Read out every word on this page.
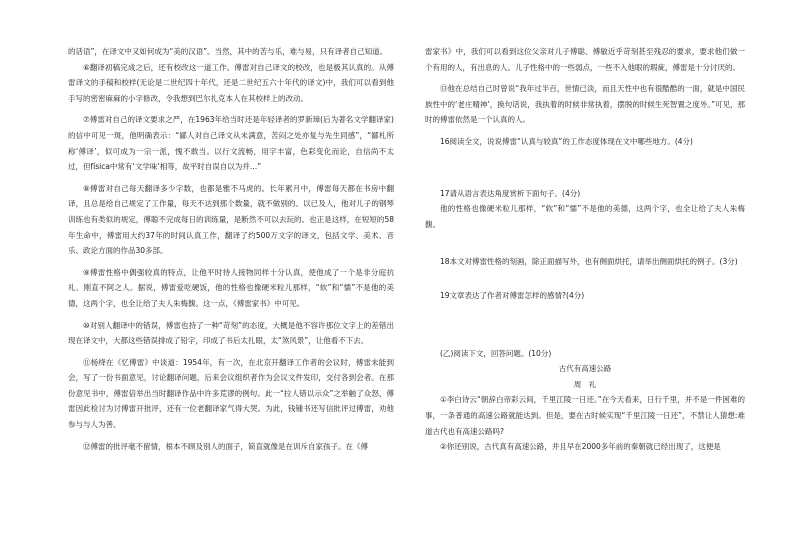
的话语”，在译文中又如何成为“美的汉语”。当然，其中的苦与乐，难与易，只有译者自己知道。

⑥翻译初稿完成之后，还有校改这一道工作。傅雷对自己译文的校改，也是极其认真的。从傅雷译文的手稿和校样(无论是二世纪四十年代，还是二世纪五六十年代的译文)中，我们可以看到他手写的密密麻麻的小字修改，令我想到巴尔扎克本人在其校样上的改动。

⑦傅雷对自己的译文要求之严，在1963年给当时还是年轻译者的罗新璋(后为著名文学翻译家)的信中可见一斑，他明确表示：“鄙人对自己译文从未满意，苦闷之处亦复与先生同感”，“鄙札所称‘傅译’，似可成为一宗一派，愧不敢当。以行文流畅，用字丰富，色彩变化而论，自信尚不太过，但física中常有‘文学味’相等，故平时自误自以为并…”

⑧傅雷对自己每天翻译多少字数，也都是雅不马虎的。长年累月中，傅雷每天都在书房中翻译，且总是给自己规定了工作量，每天不达到那个数量，就不做别的。以已及人，他对儿子的钢琴训练也有类似的规定，傅聪不完成每日的训练量，是断然不可以去玩的。也正是这样，在短短的58年生命中，傅雷用大约37年的时间认真工作，翻译了约500万文字的译文，包括文学、美术、音乐、政论方面的作品30多部。

⑨傅雷性格中偶强较真的特点，让他平时待人接物同样十分认真，使他成了一个是非分庭抗礼、刚直不阿之人。据说，傅雷爱吃硬饭，他的性格也像硬米粒儿那样，“软”和“懦”不是他的美德，这两个字，也全让给了夫人朱梅馥。这一点，《傅雷家书》中可见。

⑩对别人翻译中的错误，傅雷也持了一种“苛刻”的态度，大概是他不容许那位文字上的差错出现在译文中，大都这些错误排成了铅字，印成了书后太扎眼，太“煞风景”，让他看不下去。

⑪杨绛在《忆傅雷》中谈道：1954年，有一次，在北京开翻译工作者的会议时，傅雷未能到会，写了一份书面意见，讨论翻译问题，后来会议组织者作为会议文件发印，交付各到会者。在那份意见书中，傅雷倍举出当时翻译作品中许多荒谬的例句。此一“拉人错以示众”之举触了众怒，傅雷因此检讨为讨傅雷开批评，还有一位老翻译家气得大哭。为此，钱锺书还写信批评过傅雷，劝他参与与人为善。

⑫傅雷的批评毫不留情，根本不顾及别人的面子，简直就像是在训斥自家孩子。在《傅

雷家书》中，我们可以看到这位父亲对儿子傅聪、傅敏近乎苛刻甚至残忍的要求，要求他们做一个有用的人，有出息的人。儿子性格中的一些弱点，一些不入他眼的瑕疵，傅雷是十分讨厌的。

⑬他在总结自己时曾说“我年过半百，世情已淡，而且天性中也有很酷酷的一面，就是中国民族性中的‘老庄精神’，换句话说，我执着的时候非常执着，摆脱的时候生死智置之度外。”可见，那时的傅雷依然是一个认真的人。

16阅读全文，说说傅雷“认真与较真”的工作态度体现在文中哪些地方。(4分)

17请从语言表达角度赏析下面句子。(4分)

他的性格也像硬米粒儿那样，“软”和“懦”不是他的美德，这两个字，也全让给了夫人朱梅馥。

18本文对傅雷性格的刻画，除正面描写外，也有侧面烘托，请举出侧面烘托的例子。(3分)

19文章表达了作者对傅雷怎样的感情?(4分)

(乙)阅读下文，回答问题。(10分)

古代有高速公路

周　礼

①李白诗云“朝辞白帝彩云间，千里江陵一日还。”在今天看来，日行千里，并不是一件困难的事，一条普通的高速公路就能达到。但是，要在古时候实现“千里江陵一日还”，不禁让人猜想:难道古代也有高速公路吗?

②你还别说，古代真有高速公路，并且早在2000多年前的秦朝就已经出现了，这便是
